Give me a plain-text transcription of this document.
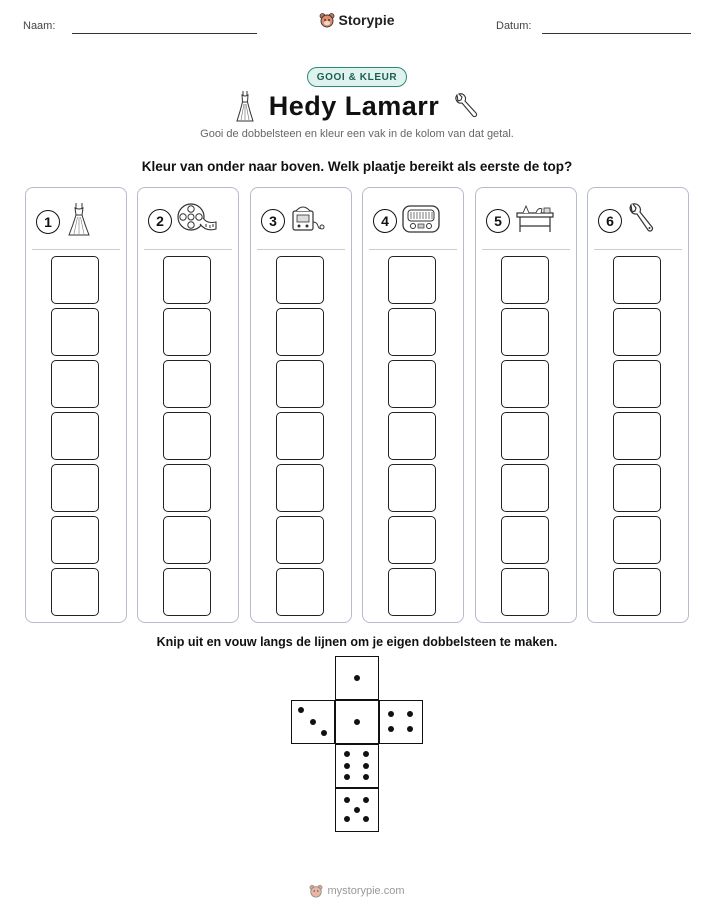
Naam:	Datum:
Storypie
GOOI & KLEUR
Hedy Lamarr
Gooi de dobbelsteen en kleur een vak in de kolom van dat getal.
Kleur van onder naar boven. Welk plaatje bereikt als eerste de top?
1	2	3	4	5	6
Knip uit en vouw langs de lijnen om je eigen dobbelsteen te maken.
mystorypie.com
